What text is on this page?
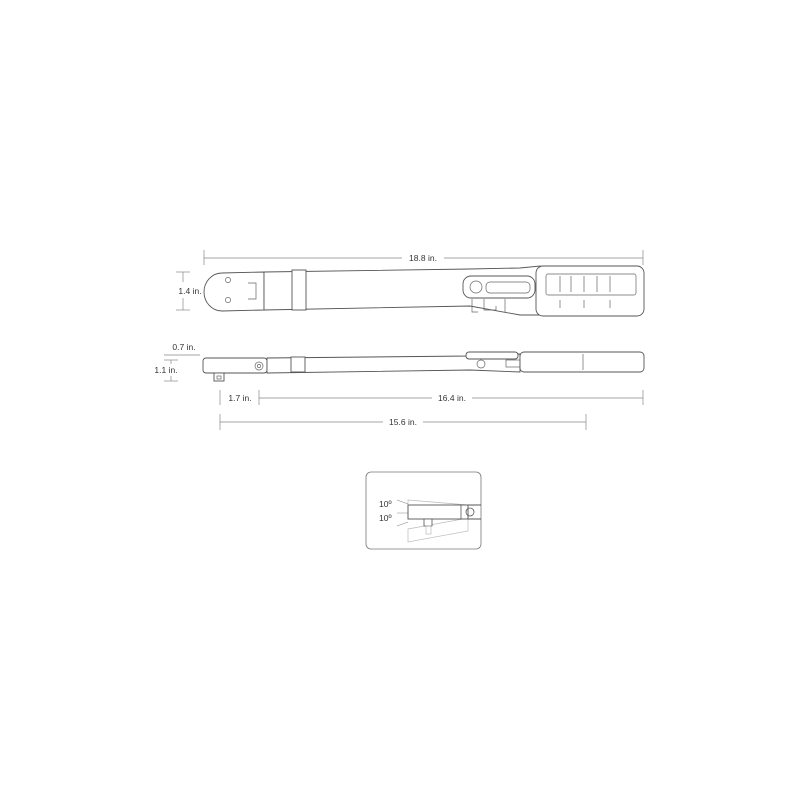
18.8 in.
1.4 in.
0.7 in.
1.1 in.
1.7 in.	16.4 in.
15.6 in.
10º
10º
